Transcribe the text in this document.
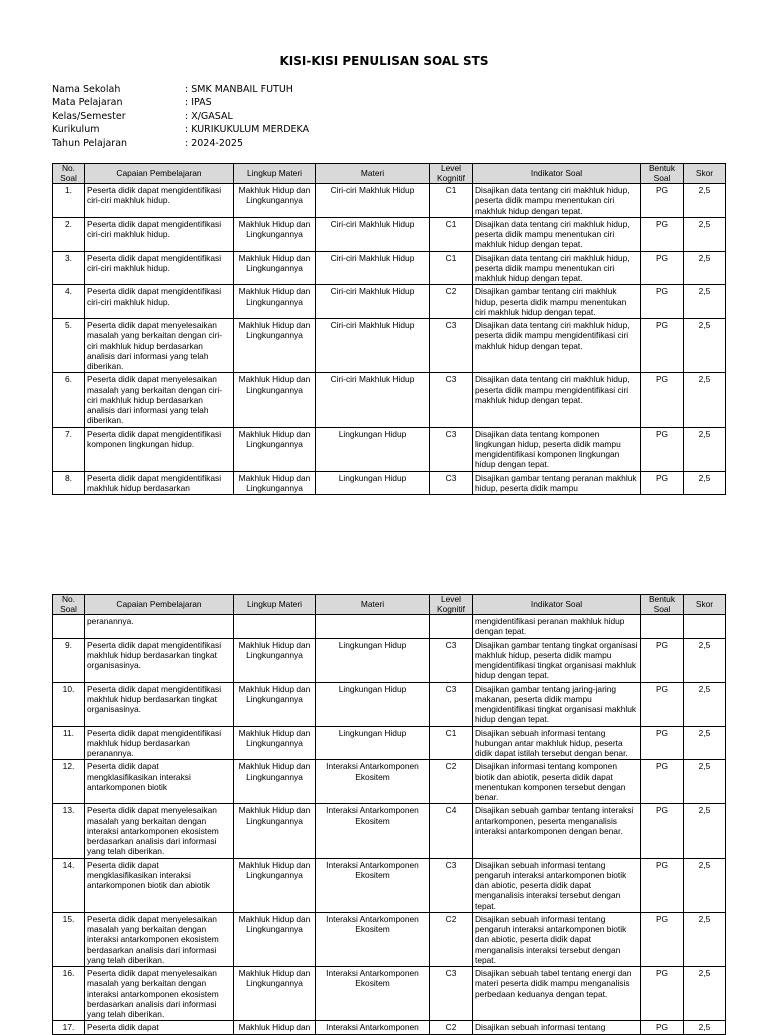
KISI-KISI PENULISAN SOAL STS
Nama Sekolah	: SMK MANBAIL FUTUH
Mata Pelajaran	: IPAS
Kelas/Semester	: X/GASAL
Kurikulum	: KURIKUKULUM MERDEKA
Tahun Pelajaran	: 2024-2025
No. Soal	Capaian Pembelajaran	Lingkup Materi	Materi	Level Kognitif	Indikator Soal	Bentuk Soal	Skor
1.	Peserta didik dapat mengidentifikasi ciri-ciri makhluk hidup.	Makhluk Hidup dan Lingkungannya	Ciri-ciri Makhluk Hidup	C1	Disajikan data tentang ciri makhluk hidup, peserta didik mampu menentukan ciri makhluk hidup dengan tepat.	PG	2,5
2.	Peserta didik dapat mengidentifikasi ciri-ciri makhluk hidup.	Makhluk Hidup dan Lingkungannya	Ciri-ciri Makhluk Hidup	C1	Disajikan data tentang ciri makhluk hidup, peserta didik mampu menentukan ciri makhluk hidup dengan tepat.	PG	2,5
3.	Peserta didik dapat mengidentifikasi ciri-ciri makhluk hidup.	Makhluk Hidup dan Lingkungannya	Ciri-ciri Makhluk Hidup	C1	Disajikan data tentang ciri makhluk hidup, peserta didik mampu menentukan ciri makhluk hidup dengan tepat.	PG	2,5
4.	Peserta didik dapat mengidentifikasi ciri-ciri makhluk hidup.	Makhluk Hidup dan Lingkungannya	Ciri-ciri Makhluk Hidup	C2	Disajikan gambar tentang ciri makhluk hidup, peserta didik mampu menentukan ciri makhluk hidup dengan tepat.	PG	2,5
5.	Peserta didik dapat menyelesaikan masalah yang berkaitan dengan ciri-ciri makhluk hidup berdasarkan analisis dari informasi yang telah diberikan.	Makhluk Hidup dan Lingkungannya	Ciri-ciri Makhluk Hidup	C3	Disajikan data tentang ciri makhluk hidup, peserta didik mampu mengidentifikasi ciri makhluk hidup dengan tepat.	PG	2,5
6.	Peserta didik dapat menyelesaikan masalah yang berkaitan dengan ciri-ciri makhluk hidup berdasarkan analisis dari informasi yang telah diberikan.	Makhluk Hidup dan Lingkungannya	Ciri-ciri Makhluk Hidup	C3	Disajikan data tentang ciri makhluk hidup, peserta didik mampu mengidentifikasi ciri makhluk hidup dengan tepat.	PG	2,5
7.	Peserta didik dapat mengidentifikasi komponen lingkungan hidup.	Makhluk Hidup dan Lingkungannya	Lingkungan Hidup	C3	Disajikan data tentang komponen lingkungan hidup, peserta didik mampu mengidentifikasi komponen lingkungan hidup dengan tepat.	PG	2,5
8.	Peserta didik dapat mengidentifikasi makhluk hidup berdasarkan	Makhluk Hidup dan Lingkungannya	Lingkungan Hidup	C3	Disajikan gambar tentang peranan makhluk hidup, peserta didik mampu	PG	2,5
No. Soal	Capaian Pembelajaran	Lingkup Materi	Materi	Level Kognitif	Indikator Soal	Bentuk Soal	Skor
	peranannya.				mengidentifikasi peranan makhluk hidup dengan tepat.		
9.	Peserta didik dapat mengidentifikasi makhluk hidup berdasarkan tingkat organisasinya.	Makhluk Hidup dan Lingkungannya	Lingkungan Hidup	C3	Disajikan gambar tentang tingkat organisasi makhluk hidup, peserta didik mampu mengidentifikasi tingkat organisasi makhluk hidup dengan tepat.	PG	2,5
10.	Peserta didik dapat mengidentifikasi makhluk hidup berdasarkan tingkat organisasinya.	Makhluk Hidup dan Lingkungannya	Lingkungan Hidup	C3	Disajikan gambar tentang jaring-jaring makanan, peserta didik mampu mengidentifikasi tingkat organisasi makhluk hidup dengan tepat.	PG	2,5
11.	Peserta didik dapat mengidentifikasi makhluk hidup berdasarkan peranannya.	Makhluk Hidup dan Lingkungannya	Lingkungan Hidup	C1	Disajikan sebuah informasi tentang hubungan antar makhluk hidup, peserta didik dapat istilah tersebut dengan benar.	PG	2,5
12.	Peserta didik dapat mengklasifikasikan interaksi antarkomponen biotik	Makhluk Hidup dan Lingkungannya	Interaksi Antarkomponen Ekositem	C2	Disajikan informasi tentang komponen biotik dan abiotik, peserta didik dapat menentukan komponen tersebut dengan benar.	PG	2,5
13.	Peserta didik dapat menyelesaikan masalah yang berkaitan dengan interaksi antarkomponen ekosistem berdasarkan analisis dari informasi yang telah diberikan.	Makhluk Hidup dan Lingkungannya	Interaksi Antarkomponen Ekositem	C4	Disajikan sebuah gambar tentang interaksi antarkomponen, peserta menganalisis interaksi antarkomponen dengan benar.	PG	2,5
14.	Peserta didik dapat mengklasifikasikan interaksi antarkomponen biotik dan abiotik	Makhluk Hidup dan Lingkungannya	Interaksi Antarkomponen Ekositem	C3	Disajikan sebuah informasi tentang pengaruh interaksi antarkomponen biotik dan abiotic, peserta didik dapat menganalisis interaksi tersebut dengan tepat.	PG	2,5
15.	Peserta didik dapat menyelesaikan masalah yang berkaitan dengan interaksi antarkomponen ekosistem berdasarkan analisis dari informasi yang telah diberikan.	Makhluk Hidup dan Lingkungannya	Interaksi Antarkomponen Ekositem	C2	Disajikan sebuah informasi tentang pengaruh interaksi antarkomponen biotik dan abiotic, peserta didik dapat menganalisis interaksi tersebut dengan tepat.	PG	2,5
16.	Peserta didik dapat menyelesaikan masalah yang berkaitan dengan interaksi antarkomponen ekosistem berdasarkan analisis dari informasi yang telah diberikan.	Makhluk Hidup dan Lingkungannya	Interaksi Antarkomponen Ekositem	C3	Disajikan sebuah tabel tentang energi dan materi peserta didik mampu menganalisis perbedaan keduanya dengan tepat.	PG	2,5
17.	Peserta didik dapat	Makhluk Hidup dan	Interaksi Antarkomponen	C2	Disajikan sebuah informasi tentang	PG	2,5
